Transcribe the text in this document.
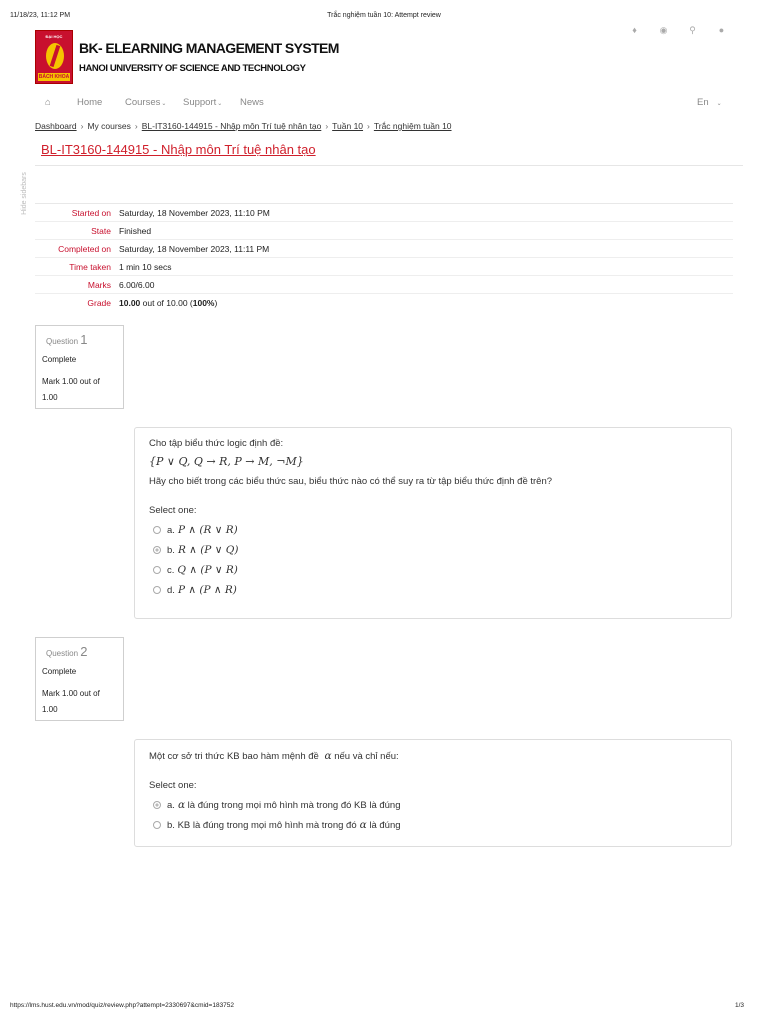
11/18/23, 11:12 PM	Trắc nghiệm tuần 10: Attempt review
♦	◉ ⚲	●
ĐẠI HỌC
BÁCH KHOA
BK- ELEARNING MANAGEMENT SYSTEM
HANOI UNIVERSITY OF SCIENCE AND TECHNOLOGY
⌂	Home Courses⌄ Support⌄ News	En ⌄
Dashboard › My courses › BL-IT3160-144915 - Nhập môn Trí tuệ nhân tạo › Tuần 10 › Trắc nghiệm tuần 10
BL-IT3160-144915 - Nhập môn Trí tuệ nhân tạo
Hide sidebars	Started on	Saturday, 18 November 2023, 11:10 PM
State	Finished
Completed on	Saturday, 18 November 2023, 11:11 PM
Time taken	1 min 10 secs
Marks	6.00/6.00
Grade	10.00 out of 10.00 (100%)
Question 1
Complete
Mark 1.00 out of 1.00
Cho tập biểu thức logic định đề:
{P ∨ Q, Q → R, P → M, ¬M}
Hãy cho biết trong các biểu thức sau, biểu thức nào có thể suy ra từ tập biểu thức định đề trên?
Select one:
a. P ∧ (R ∨ R)
b. R ∧ (P ∨ Q)
c. Q ∧ (P ∨ R)
d. P ∧ (P ∧ R)
Question 2
Complete
Mark 1.00 out of 1.00
Một cơ sở tri thức KB bao hàm mệnh đề α nếu và chỉ nếu:
Select one:
a. α
là đúng trong mọi mô hình mà trong đó KB là đúng
b.
KB là đúng trong mọi mô hình mà trong đó α
là đúng
https://lms.hust.edu.vn/mod/quiz/review.php?attempt=2330697&cmid=183752	1/3
